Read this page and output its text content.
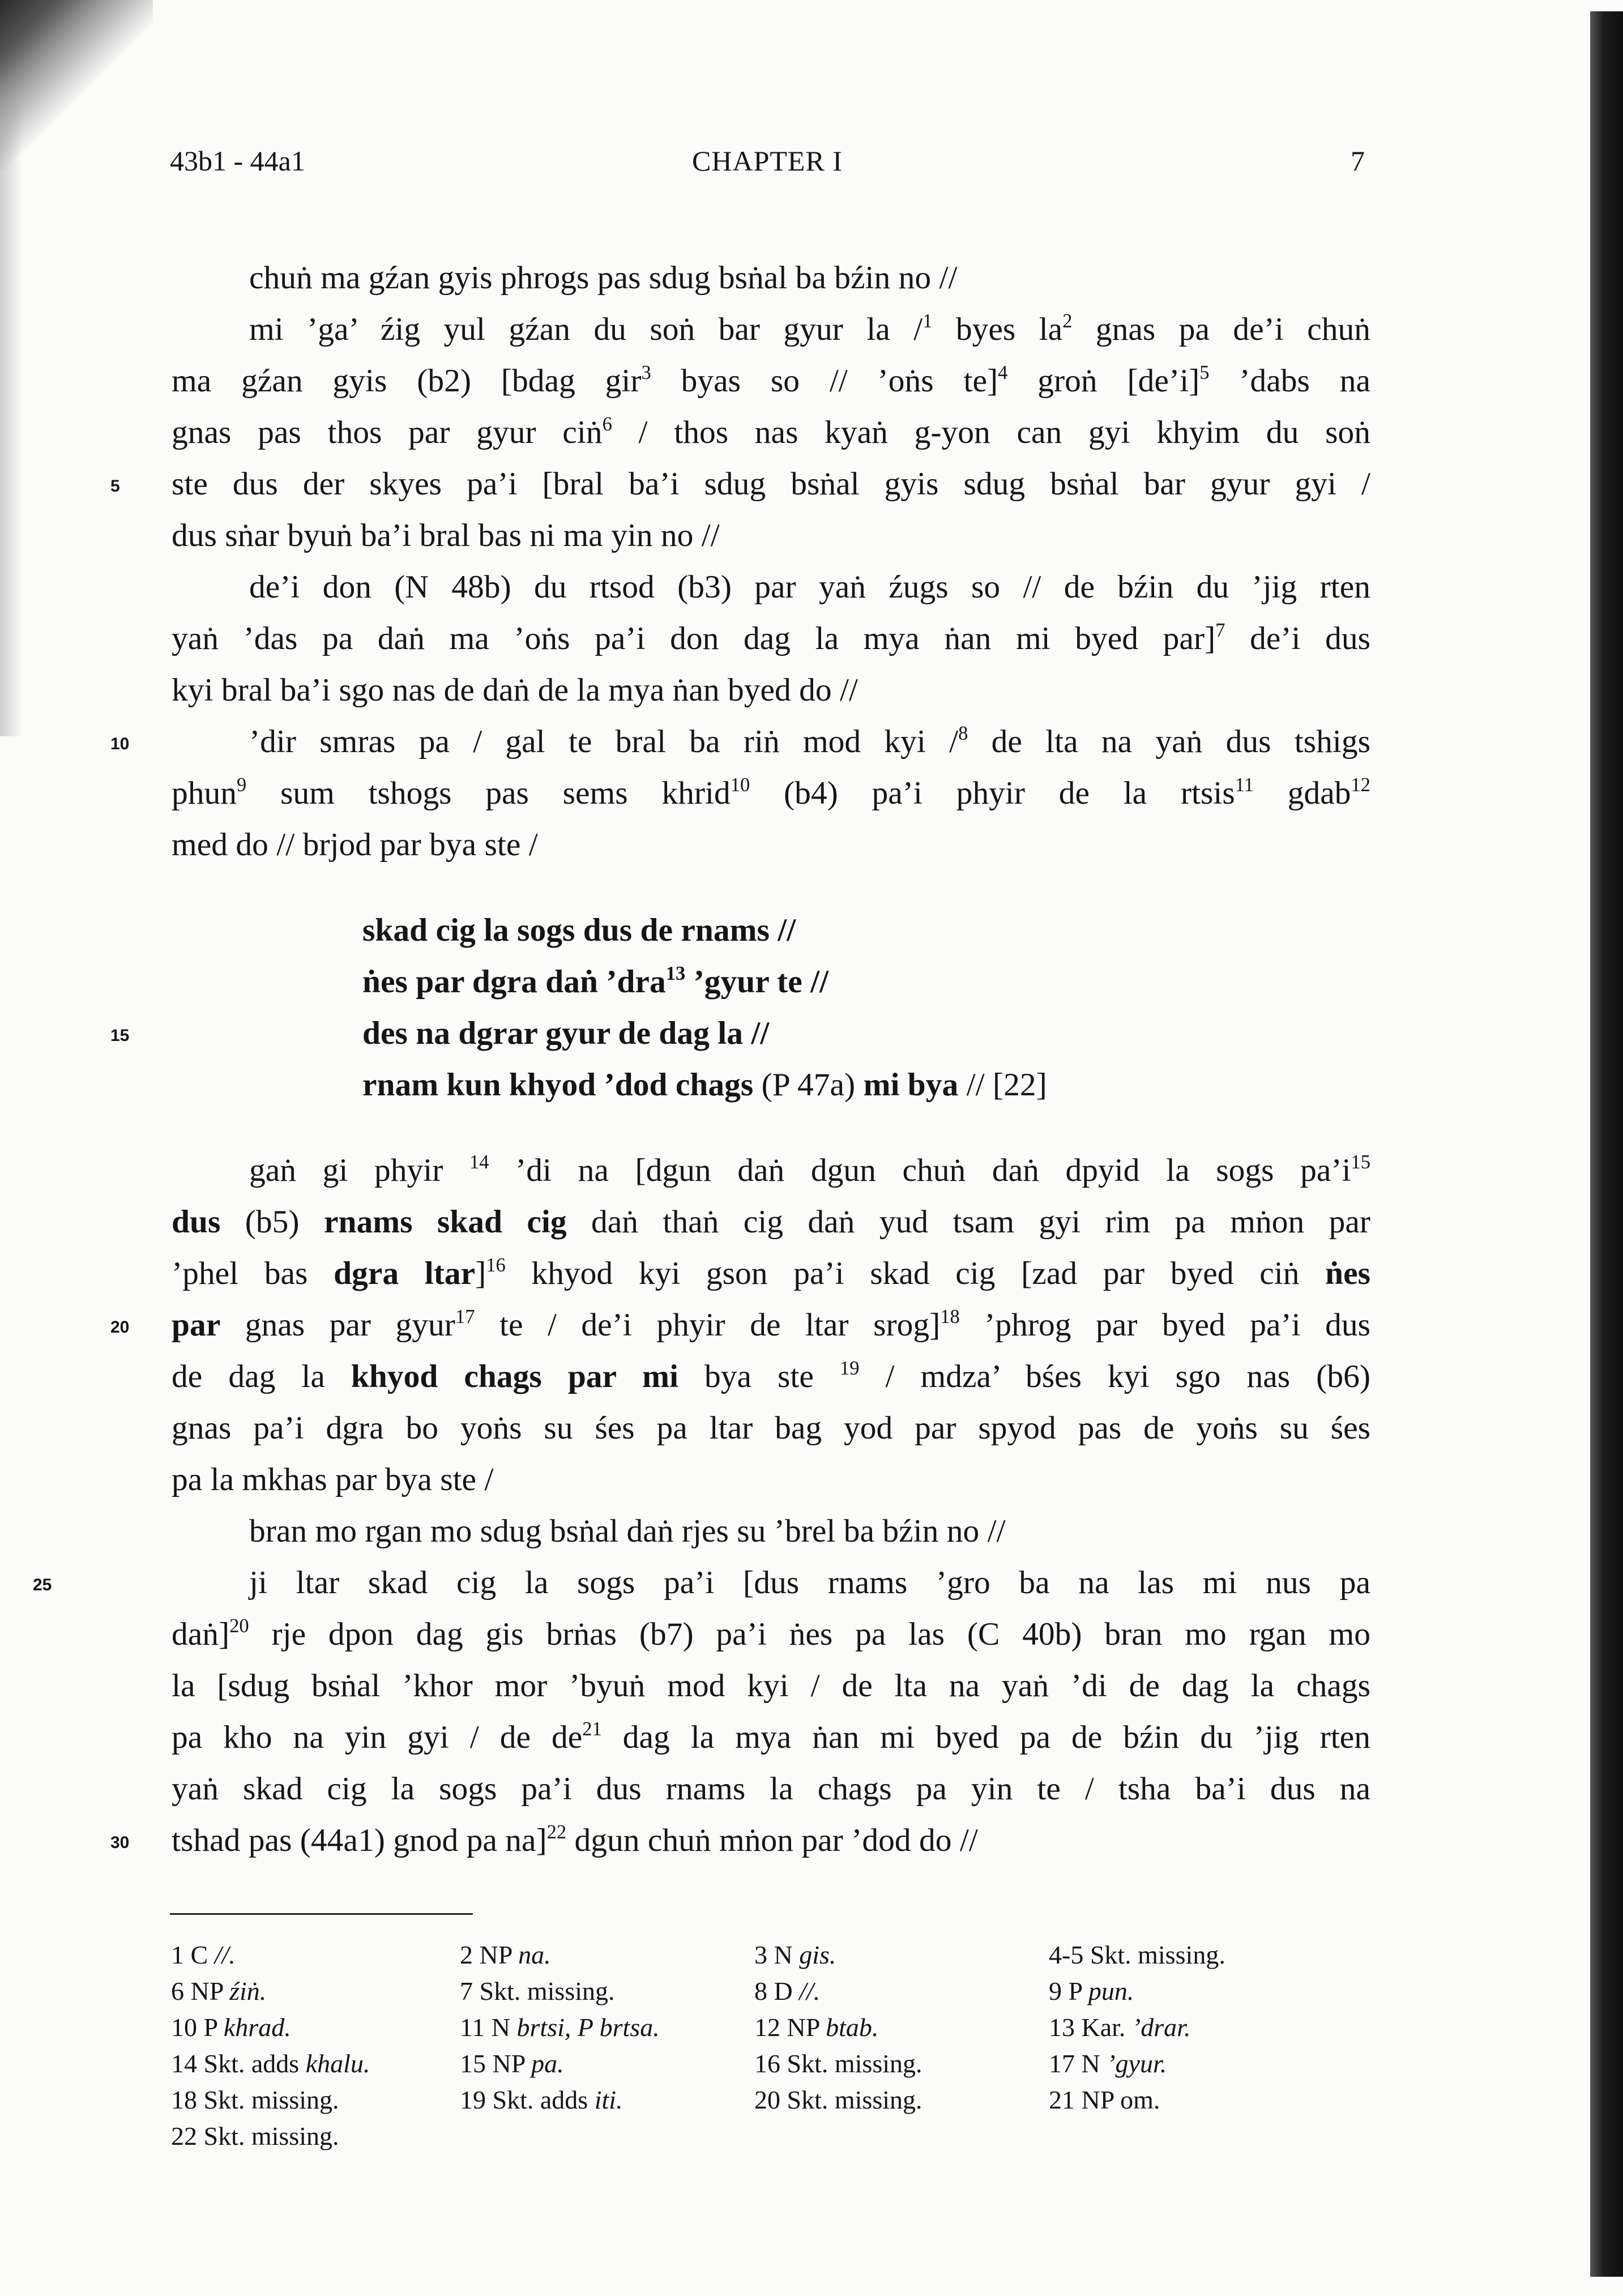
43b1 - 44a1	CHAPTER I	7
chuṅ ma gźan gyis phrogs pas sdug bsṅal ba bźin no //
mi ’ga’ źig yul gźan du soṅ bar gyur la /$^1$ byes $la^2$ gnas pa de’i chuṅ
ma gźan gyis (b2) [bdag gir$^3$ byas so // ’oṅs te]$^4$ groṅ [de’i]$^5$ ’dabs na
gnas pas thos par gyur ciṅ$^6$ / thos nas kyaṅ g-yon can gyi khyim du soṅ
5 ste dus der skyes pa’i [bral ba’i sdug bsṅal gyis sdug bsṅal bar gyur gyi /
dus sṅar byuṅ ba’i bral bas ni ma yin no //
de’i don (N 48b) du rtsod (b3) par yaṅ źugs so // de bźin du ’jig rten
yaṅ ’das pa daṅ ma ’oṅs pa’i don dag la mya ṅan mi byed par]$^7$ de’i dus
kyi bral ba’i sgo nas de daṅ de la mya ṅan byed do //
10	’dir smras pa / gal te bral ba riṅ mod kyi /$^8$ de lta na yaṅ dus tshigs
phun$^9$ sum tshogs pas sems khrid$^{10}$ (b4) pa’i phyir de la rtsis$^{11}$ gdab$^{12}$
med do // brjod par bya ste /
skad cig la sogs dus de rnams //
ṅes par dgra daṅ ’dra$^{13}$ ’gyur te //
15	des na dgrar gyur de dag la //
rnam kun khyod ’dod chags (P 47a) mi bya // [22]
gaṅ gi phyir $^{14}$ ’di na [dgun daṅ dgun chuṅ daṅ dpyid la sogs $pa’i^{15}$
dus (b5) rnams skad cig daṅ thaṅ cig daṅ yud tsam gyi rim pa mṅon par
’phel bas dgra ltar]$^{16}$ khyod kyi gson pa’i skad cig [zad par byed ciṅ ṅes
20 par gnas par gyur$^{17}$ te / de’i phyir de ltar srog]$^{18}$ ’phrog par byed pa’i dus
de dag la khyod chags par mi bya ste $^{19}$ / mdza’ bśes kyi sgo nas (b6)
gnas pa’i dgra bo yoṅs su śes pa ltar bag yod par spyod pas de yoṅs su śes
pa la mkhas par bya ste /
bran mo rgan mo sdug bsṅal daṅ rjes su ’brel ba bźin no //
25	ji ltar skad cig la sogs pa’i [dus rnams ’gro ba na las mi nus pa
daṅ]$^{20}$ rje dpon dag gis brṅas (b7) pa’i ṅes pa las (C 40b) bran mo rgan mo
la [sdug bsṅal ’khor mor ’byuṅ mod kyi / de lta na yaṅ ’di de dag la chags
pa kho na yin gyi / de $de^{21}$ dag la mya ṅan mi byed pa de bźin du ’jig rten
yaṅ skad cig la sogs pa’i dus rnams la chags pa yin te / tsha ba’i dus na
30 tshad pas (44a1) gnod pa na]$^{22}$ dgun chuṅ mṅon par ’dod do //
1 C //.	2 NP na.	3 N gis.	4-5 Skt. missing.
6 NP źiṅ.	7 Skt. missing.	8 D //.	9 P pun.
10 P khrad.	11 N brtsi, P brtsa.	12 NP btab.	13 Kar. ’drar.
14 Skt. adds khalu.	15 NP pa.	16 Skt. missing.	17 N ’gyur.
18 Skt. missing.	19 Skt. adds iti.	20 Skt. missing.	21 NP om.
22 Skt. missing.
